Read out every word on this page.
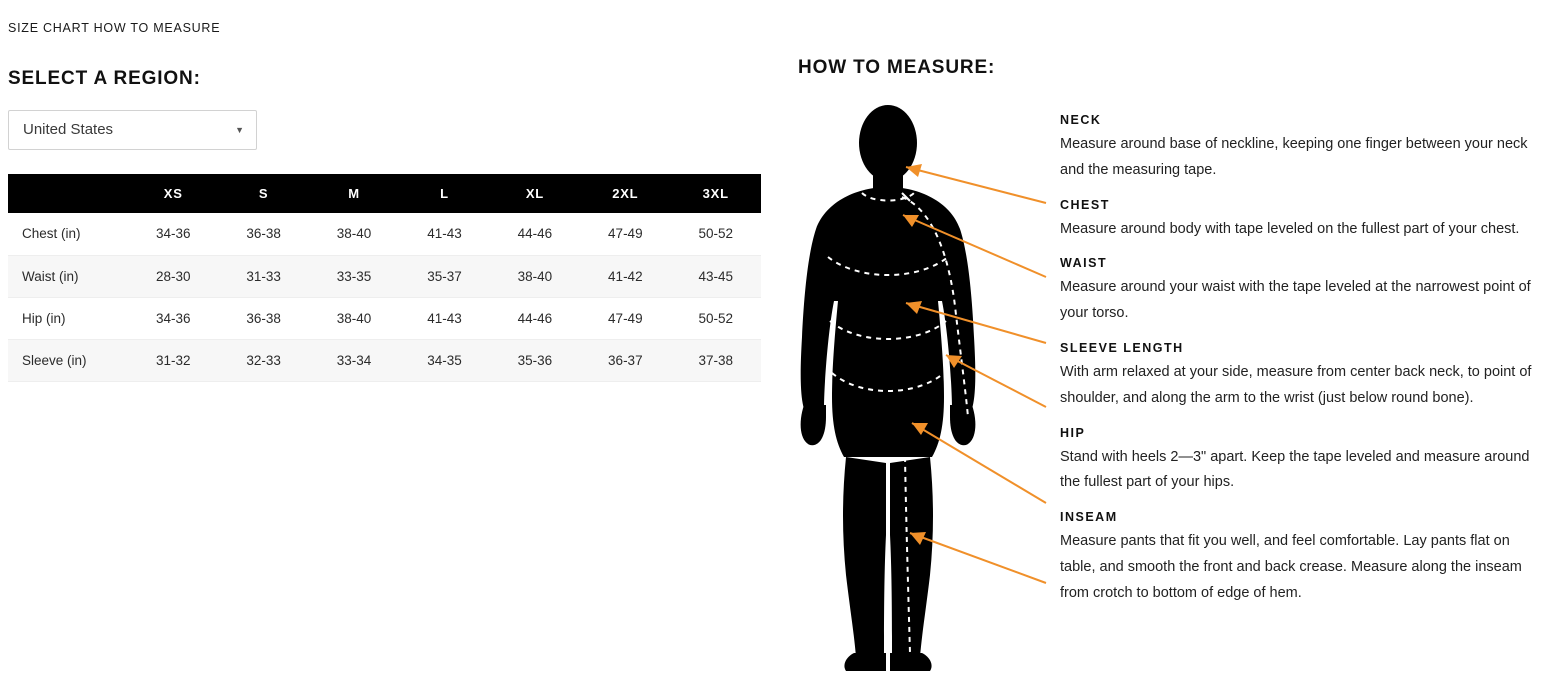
SIZE CHART HOW TO MEASURE
SELECT A REGION:
United States
▼
	XS	S	M	L	XL	2XL	3XL
Chest (in)	34-36	36-38	38-40	41-43	44-46	47-49	50-52
Waist (in)	28-30	31-33	33-35	35-37	38-40	41-42	43-45
Hip (in)	34-36	36-38	38-40	41-43	44-46	47-49	50-52
Sleeve (in)	31-32	32-33	33-34	34-35	35-36	36-37	37-38
HOW TO MEASURE:
NECK
Measure around base of neckline, keeping one finger between your neck and the measuring tape.
CHEST
Measure around body with tape leveled on the fullest part of your chest.
WAIST
Measure around your waist with the tape leveled at the narrowest point of your torso.
SLEEVE LENGTH
With arm relaxed at your side, measure from center back neck, to point of shoulder, and along the arm to the wrist (just below round bone).
HIP
Stand with heels 2—3" apart. Keep the tape leveled and measure around the fullest part of your hips.
INSEAM
Measure pants that fit you well, and feel comfortable. Lay pants flat on table, and smooth the front and back crease. Measure along the inseam from crotch to bottom of edge of hem.
